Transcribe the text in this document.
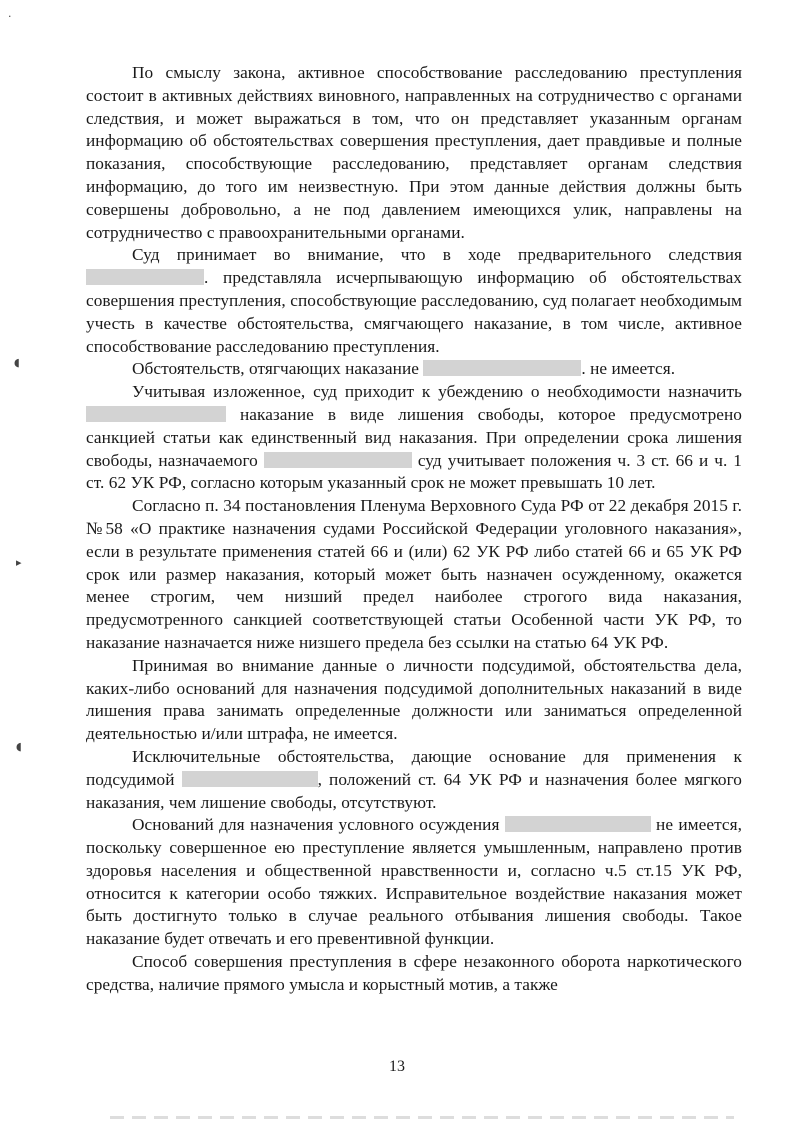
По смыслу закона, активное способствование расследованию преступления состоит в активных действиях виновного, направленных на сотрудничество с органами следствия, и может выражаться в том, что он представляет указанным органам информацию об обстоятельствах совершения преступления, дает правдивые и полные показания, способствующие расследованию, представляет органам следствия информацию, до того им неизвестную. При этом данные действия должны быть совершены добровольно, а не под давлением имеющихся улик, направлены на сотрудничество с правоохранительными органами.

Суд принимает во внимание, что в ходе предварительного следствия . представляла исчерпывающую информацию об обстоятельствах совершения преступления, способствующие расследованию, суд полагает необходимым учесть в качестве обстоятельства, смягчающего наказание, в том числе, активное способствование расследованию преступления.

Обстоятельств, отягчающих наказание	. не имеется.

Учитывая изложенное, суд приходит к убеждению о необходимости назначить  наказание в виде лишения свободы, которое предусмотрено санкцией статьи как единственный вид наказания. При определении срока лишения свободы, назначаемого	суд учитывает положения ч. 3 ст. 66 и ч. 1 ст. 62 УК РФ, согласно которым указанный срок не может превышать 10 лет.

Согласно п. 34 постановления Пленума Верховного Суда РФ от 22 декабря 2015 г. №58 «О практике назначения судами Российской Федерации уголовного наказания», если в результате применения статей 66 и (или) 62 УК РФ либо статей 66 и 65 УК РФ срок или размер наказания, который может быть назначен осужденному, окажется менее строгим, чем низший предел наиболее строгого вида наказания, предусмотренного санкцией соответствующей статьи Особенной части УК РФ, то наказание назначается ниже низшего предела без ссылки на статью 64 УК РФ.

Принимая во внимание данные о личности подсудимой, обстоятельства дела, каких-либо оснований для назначения подсудимой дополнительных наказаний в виде лишения права занимать определенные должности или заниматься определенной деятельностью и/или штрафа, не имеется.

Исключительные обстоятельства, дающие основание для применения к подсудимой	, положений ст. 64 УК РФ и назначения более мягкого наказания, чем лишение свободы, отсутствуют.

Оснований для назначения условного осуждения	не имеется, поскольку совершенное ею преступление является умышленным, направлено против здоровья населения и общественной нравственности и, согласно ч.5 ст.15 УК РФ, относится к категории особо тяжких. Исправительное воздействие наказания может быть достигнуто только в случае реального отбывания лишения свободы. Такое наказание будет отвечать и его превентивной функции.

Способ совершения преступления в сфере незаконного оборота наркотического средства, наличие прямого умысла и корыстный мотив, а также

13
·
◖
▸
◖
